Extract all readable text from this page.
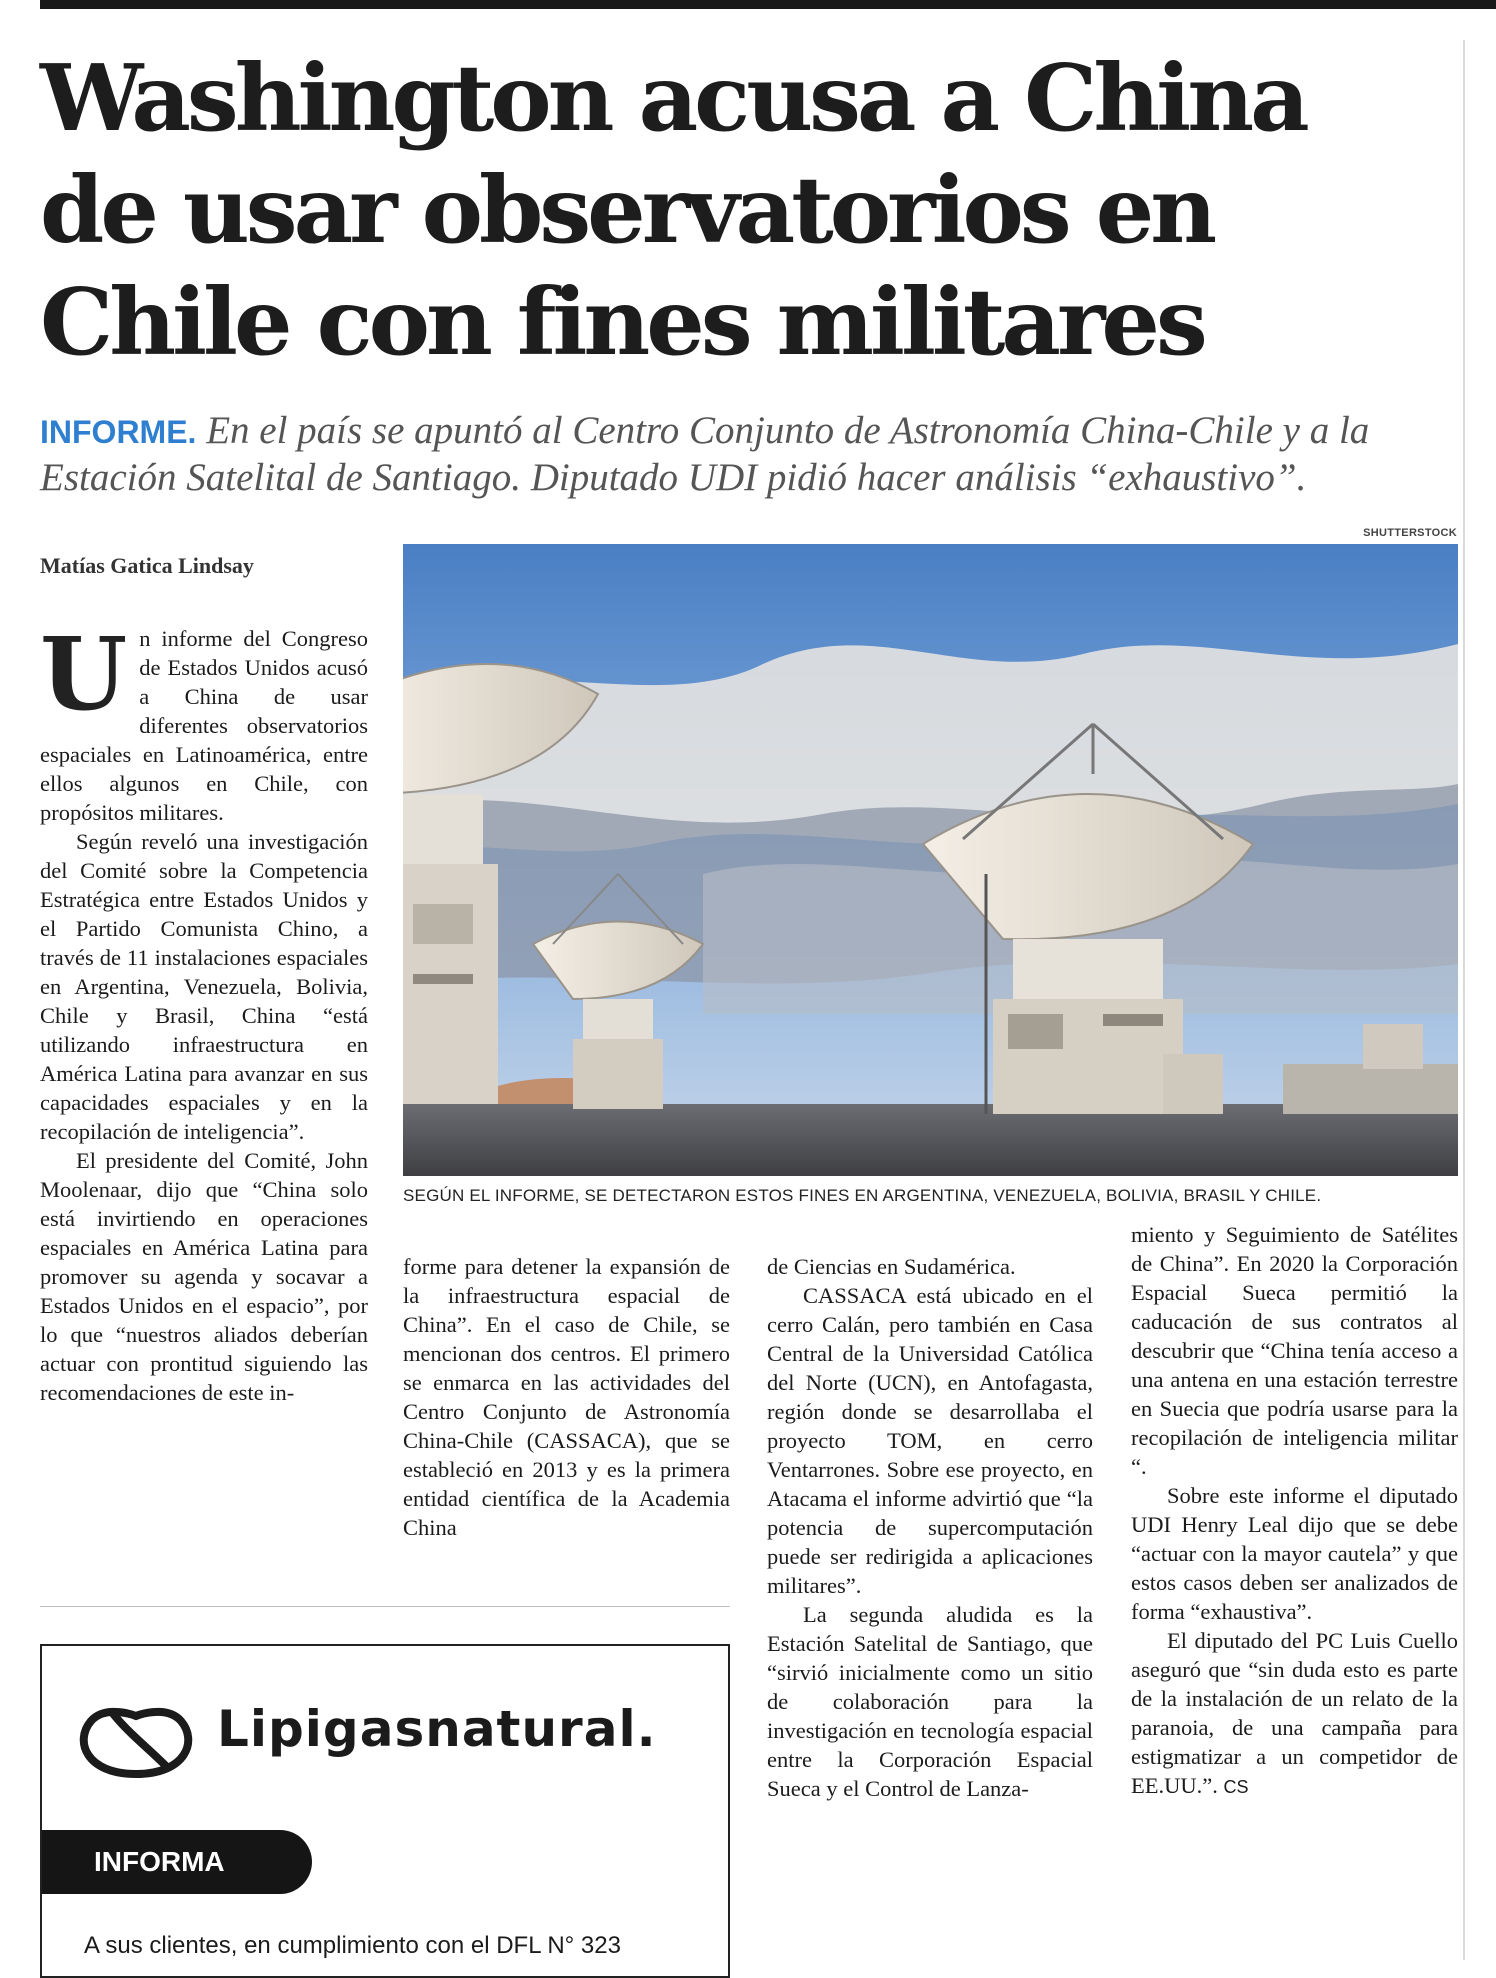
Washington acusa a China de usar observatorios en Chile con fines militares

INFORME. En el país se apuntó al Centro Conjunto de Astronomía China-Chile y a la Estación Satelital de Santiago. Diputado UDI pidió hacer análisis “exhaustivo”.

SHUTTERSTOCK
Matías Gatica Lindsay
SEGÚN EL INFORME, SE DETECTARON ESTOS FINES EN ARGENTINA, VENEZUELA, BOLIVIA, BRASIL Y CHILE.

Un informe del Congreso de Estados Unidos acusó a China de usar diferentes observatorios espaciales en Latinoamérica, entre ellos algunos en Chile, con propósitos militares.

Según reveló una investigación del Comité sobre la Competencia Estratégica entre Estados Unidos y el Partido Comunista Chino, a través de 11 instalaciones espaciales en Argentina, Venezuela, Bolivia, Chile y Brasil, China “está utilizando infraestructura en América Latina para avanzar en sus capacidades espaciales y en la recopilación de inteligencia”.

El presidente del Comité, John Moolenaar, dijo que “China solo está invirtiendo en operaciones espaciales en América Latina para promover su agenda y socavar a Estados Unidos en el espacio”, por lo que “nuestros aliados deberían actuar con prontitud siguiendo las recomendaciones de este in-

forme para detener la expansión de la infraestructura espacial de China”. En el caso de Chile, se mencionan dos centros. El primero se enmarca en las actividades del Centro Conjunto de Astronomía China-Chile (CASSACA), que se estableció en 2013 y es la primera entidad científica de la Academia China

de Ciencias en Sudamérica.

CASSACA está ubicado en el cerro Calán, pero también en Casa Central de la Universidad Católica del Norte (UCN), en Antofagasta, región donde se desarrollaba el proyecto TOM, en cerro Ventarrones. Sobre ese proyecto, en Atacama el informe advirtió que “la potencia de supercomputación puede ser redirigida a aplicaciones militares”.

La segunda aludida es la Estación Satelital de Santiago, que “sirvió inicialmente como un sitio de colaboración para la investigación en tecnología espacial entre la Corporación Espacial Sueca y el Control de Lanza-

miento y Seguimiento de Satélites de China”. En 2020 la Corporación Espacial Sueca permitió la caducación de sus contratos al descubrir que “China tenía acceso a una antena en una estación terrestre en Suecia que podría usarse para la recopilación de inteligencia militar “.

Sobre este informe el diputado UDI Henry Leal dijo que se debe “actuar con la mayor cautela” y que estos casos deben ser analizados de forma “exhaustiva”.

El diputado del PC Luis Cuello aseguró que “sin duda esto es parte de la instalación de un relato de la paranoia, de una campaña para estigmatizar a un competidor de EE.UU.”. CS

Lipigasnatural.
INFORMA
A sus clientes, en cumplimiento con el DFL N° 323
